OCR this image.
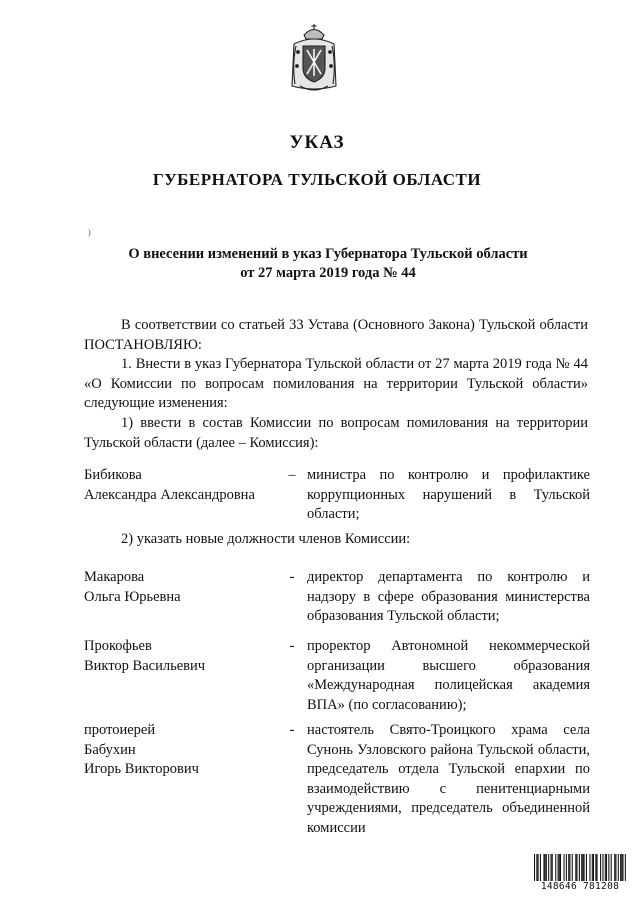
УКАЗ
ГУБЕРНАТОРА ТУЛЬСКОЙ ОБЛАСТИ
)
О внесении изменений в указ Губернатора Тульской области
от 27 марта 2019 года № 44
В соответствии со статьей 33 Устава (Основного Закона) Тульской области ПОСТАНОВЛЯЮ:
1. Внести в указ Губернатора Тульской области от 27 марта 2019 года № 44 «О Комиссии по вопросам помилования на территории Тульской области» следующие изменения:
1) ввести в состав Комиссии по вопросам помилования на территории Тульской области (далее – Комиссия):
Бибикова
Александра Александровна
– министра по контролю и профилактике коррупционных нарушений в Тульской области;
2) указать новые должности членов Комиссии:
Макарова
Ольга Юрьевна
- директор департамента по контролю и надзору в сфере образования министерства образования Тульской области;
Прокофьев
Виктор Васильевич
- проректор Автономной некоммерческой организации высшего образования «Международная полицейская академия ВПА» (по согласованию);
протоиерей
Бабухин
Игорь Викторович
- настоятель Свято-Троицкого храма села Сунонь Узловского района Тульской области, председатель отдела Тульской епархии по взаимодействию с пенитенциарными учреждениями, председатель объединенной комиссии
148646 781208
